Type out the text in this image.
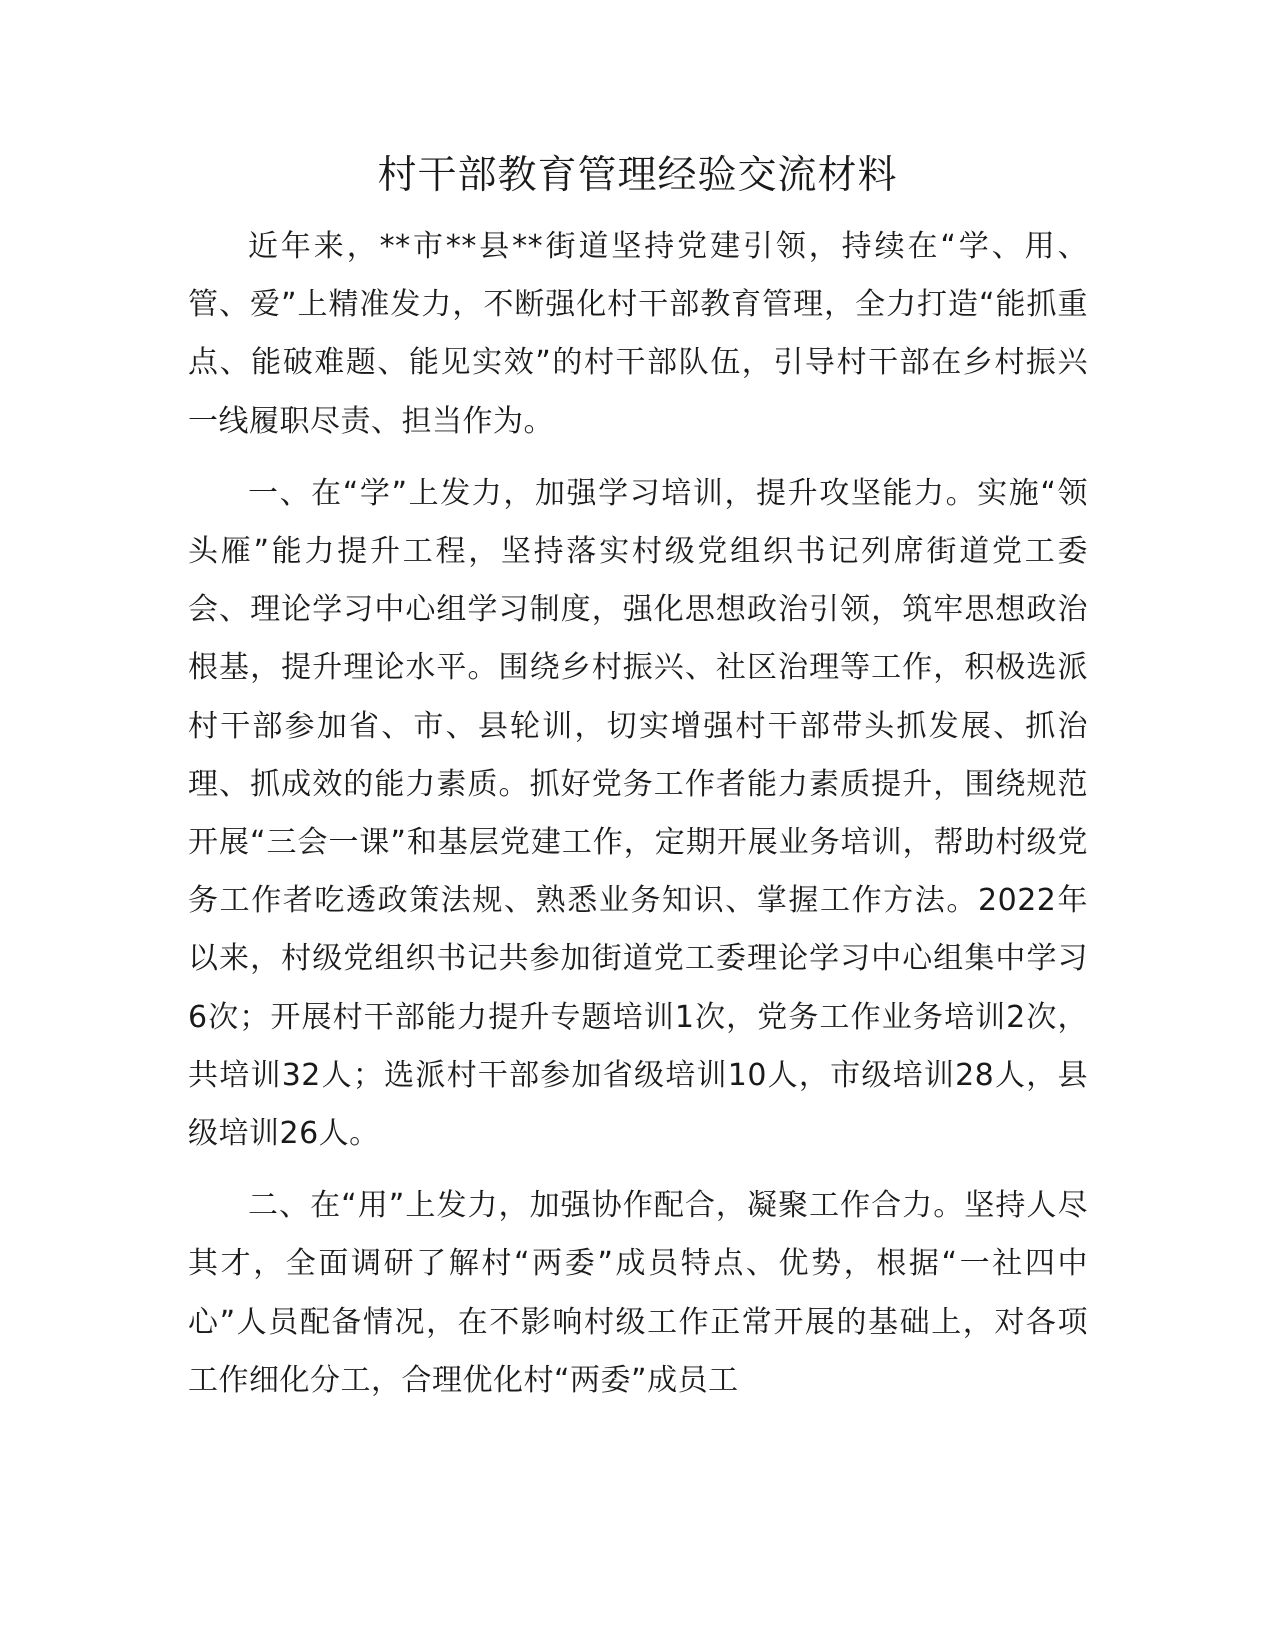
村干部教育管理经验交流材料

近年来，**市**县**街道坚持党建引领，持续在“学、用、管、爱”上精准发力，不断强化村干部教育管理，全力打造“能抓重点、能破难题、能见实效”的村干部队伍，引导村干部在乡村振兴一线履职尽责、担当作为。

一、在“学”上发力，加强学习培训，提升攻坚能力。实施“领头雁”能力提升工程，坚持落实村级党组织书记列席街道党工委会、理论学习中心组学习制度，强化思想政治引领，筑牢思想政治根基，提升理论水平。围绕乡村振兴、社区治理等工作，积极选派村干部参加省、市、县轮训，切实增强村干部带头抓发展、抓治理、抓成效的能力素质。抓好党务工作者能力素质提升，围绕规范开展“三会一课”和基层党建工作，定期开展业务培训，帮助村级党务工作者吃透政策法规、熟悉业务知识、掌握工作方法。2022年以来，村级党组织书记共参加街道党工委理论学习中心组集中学习6次；开展村干部能力提升专题培训1次，党务工作业务培训2次，共培训32人；选派村干部参加省级培训10人，市级培训28人，县级培训26人。

二、在“用”上发力，加强协作配合，凝聚工作合力。坚持人尽其才，全面调研了解村“两委”成员特点、优势，根据“一社四中心”人员配备情况，在不影响村级工作正常开展的基础上，对各项工作细化分工，合理优化村“两委”成员工
